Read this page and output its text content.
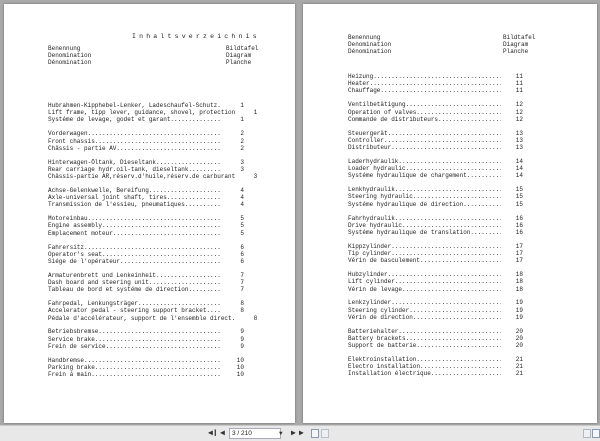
Inhaltsverzeichnis
Benennung	Bildtafel
Denomination	Diagram
Dénomination	Planche
Hubrahmen-Kipphebel-Lenker, Ladeschaufel-Schutz .....	1
Lift frame, tipp lever, guidance, shovel, protection	1
Systéme de levage, godet et garant .....	1
Vorderwagen .....	2
Front chassis .....	2
Châssis - partie AV .....	2
Hinterwagen-Öltank, Dieseltank .....	3
Rear carriage hydr.oil-tank, dieseltank .....	3
Châssis-partie AR,réserv.d'huile,réserv.de carburant	3
Achse-Gelenkwelle, Bereifung .....	4
Axle-universal joint shaft, tires .....	4
Transmission de l'essieu, pneumatiques .....	4
Motoreinbau .....	5
Engine assembly .....	5
Emplacement moteur .....	5
Fahrersitz .....	6
Operator's seat .....	6
Siége de l'opérateur .....	6
Armaturenbrett und Lenkeinheit .....	7
Dash board and steering unit .....	7
Tableau de bord et systéme de direction .....	7
Fahrpedal, Lenkungsträger .....	8
Accelerator pedal - steering support bracket .....	8
Pédale d'accélérateur, support de l'ensemble direct.	8
Betriebsbremse .....	9
Service brake .....	9
Frein de service .....	9
Handbremse .....	10
Parking brake .....	10
Frein á main .....	10
Benennung	Bildtafel
Denomination	Diagram
Dénomination	Planche
Heizung .....	11
Heater .....	11
Chauffage .....	11
Ventilbetätigung .....	12
Operation of valves .....	12
Commande de distributeurs .....	12
Steuergerät .....	13
Controller .....	13
Distributeur .....	13
Laderhydraulik .....	14
Loader hydraulic .....	14
Systéme hydraulique de chargement .....	14
Lenkhydraulik .....	15
Steering hydraulic .....	15
Systéme hydraulique de direction .....	15
Fahrhydraulik .....	16
Drive hydraulic .....	16
Systéme hydraulique de translation .....	16
Kippzylinder .....	17
Tip cylinder .....	17
Vérin de basculement .....	17
Hubzylinder .....	18
Lift cylinder .....	18
Vérin de levage .....	18
Lenkzylinder .....	19
Steering cylinder .....	19
Vérin de direction .....	19
Batteriehalter .....	20
Battery brackets .....	20
Support de batterie .....	20
Elektroinstallation .....	21
Electro installation .....	21
Installation électrique .....	21
◀❙ ◀	3 / 210	▼ ▶ ▶
